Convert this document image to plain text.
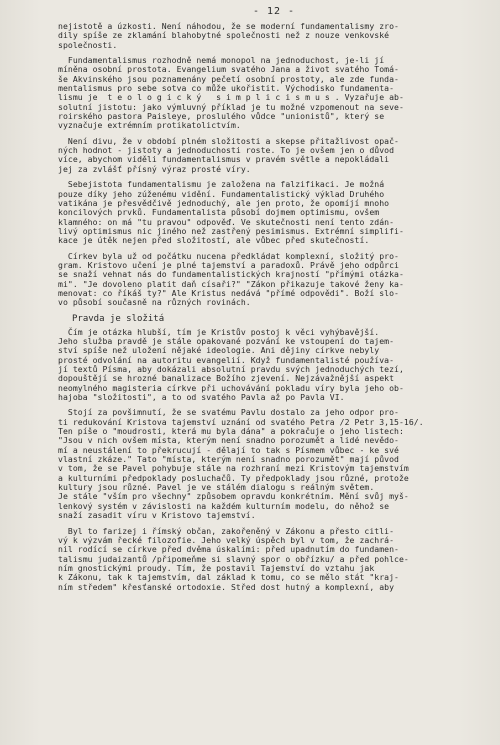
- 12 -
nejistotě a úzkosti. Není náhodou, že se moderní fundamentalismy zro-
dily spíše ze zklamání blahobytné společnosti než z nouze venkovské
společnosti.
Fundamentalismus rozhodně nemá monopol na jednoduchost, je-li jí
míněna osobní prostota. Evangelium svatého Jana a život svatého Tomá-
še Akvinského jsou poznamenány pečetí osobní prostoty, ale zde funda-
mentalismus pro sebe sotva co může ukořistit. Východisko fundamenta-
lismu je  t e o l o g i c k ý   s i m p l i c i s m u s . Vyzařuje ab-
solutní jistotu: jako výmluvný příklad je tu možné vzpomenout na seve-
roirského pastora Paisleye, proslulého vůdce "unionistů", který se
vyznačuje extrémním protikatolictvím.
Není divu, že v období plném složitosti a skepse přitažlivost opač-
ných hodnot - jistoty a jednoduchosti roste. To je ovšem jen o důvod
více, abychom viděli fundamentalismus v pravém světle a nepokládali
jej za zvlášť přísný výraz prosté víry.
Sebejistota fundamentalismu je založena na falzifikaci. Je možná
pouze díky jeho zúženému vidění. Fundamentalistický výklad Druhého
vatikána je přesvědčivě jednoduchý, ale jen proto, že opomíjí mnoho
koncilových prvků. Fundamentalista působí dojmem optimismu, ovšem
klamného: on má "tu pravou" odpověď. Ve skutečnosti není tento zdán-
livý optimismus nic jiného než zastřený pesimismus. Extrémní simplifi-
kace je útěk nejen před složitostí, ale vůbec před skutečností.
Církev byla už od počátku nucena předkládat komplexní, složitý pro-
gram. Kristovo učení je plné tajemství a paradoxů. Právě jeho odpůrci
se snaží vehnat nás do fundamentalistických krajností "přímými otázka-
mi". "Je dovoleno platit daň císaři?" "Zákon přikazuje takové ženy ka-
menovat: co říkáš ty?" Ale Kristus nedává "přímé odpovědi". Boží slo-
vo působí současně na různých rovinách.
Pravda je složitá
Čím je otázka hlubší, tím je Kristův postoj k věci vyhýbavější.
Jeho služba pravdě je stále opakované pozvání ke vstoupení do tajem-
ství spíše než uložení nějaké ideologie. Ani dějiny církve nebyly
prosté odvolání na autoritu evangelií. Když fundamentalisté používa-
jí textů Písma, aby dokázali absolutní pravdu svých jednoduchých tezí,
dopouštějí se hrozné banalizace Božího zjevení. Nejzávažnější aspekt
neomylného magisteria církve při uchovávání pokladu víry byla jeho ob-
hajoba "složitosti", a to od svatého Pavla až po Pavla VI.
Stojí za povšimnutí, že se svatému Pavlu dostalo za jeho odpor pro-
ti redukování Kristova tajemství uznání od svatého Petra /2 Petr 3,15-16/.
Ten píše o "moudrosti, která mu byla dána" a pokračuje o jeho listech:
"Jsou v nich ovšem místa, kterým není snadno porozumět a lidé nevědo-
mí a neustálení to překrucují - dělají to tak s Písmem vůbec - ke své
vlastní zkáze." Tato "místa, kterým není snadno porozumět" mají původ
v tom, že se Pavel pohybuje stále na rozhraní mezi Kristovým tajemstvím
a kulturními předpoklady posluchačů. Ty předpoklady jsou různé, protože
kultury jsou různé. Pavel je ve stálém dialogu s reálným světem.
Je stále "vším pro všechny" způsobem opravdu konkrétním. Mění svůj myš-
lenkový systém v závislosti na každém kulturním modelu, do něhož se
snaží zasadit víru v Kristovo tajemství.
Byl to farizej i římský občan, zakořeněný v Zákonu a přesto citli-
vý k výzvám řecké filozofie. Jeho velký úspěch byl v tom, že zachrá-
nil rodící se církve před dvěma úskalími: před upadnutím do fundamen-
talismu judaizantů /připomeňme si slavný spor o obřízku/ a před pohlce-
ním gnostickými proudy. Tím, že postavil Tajemství do vztahu jak
k Zákonu, tak k tajemstvím, dal základ k tomu, co se mělo stát "kraj-
ním středem" křesťanské ortodoxie. Střed dost hutný a komplexní, aby
